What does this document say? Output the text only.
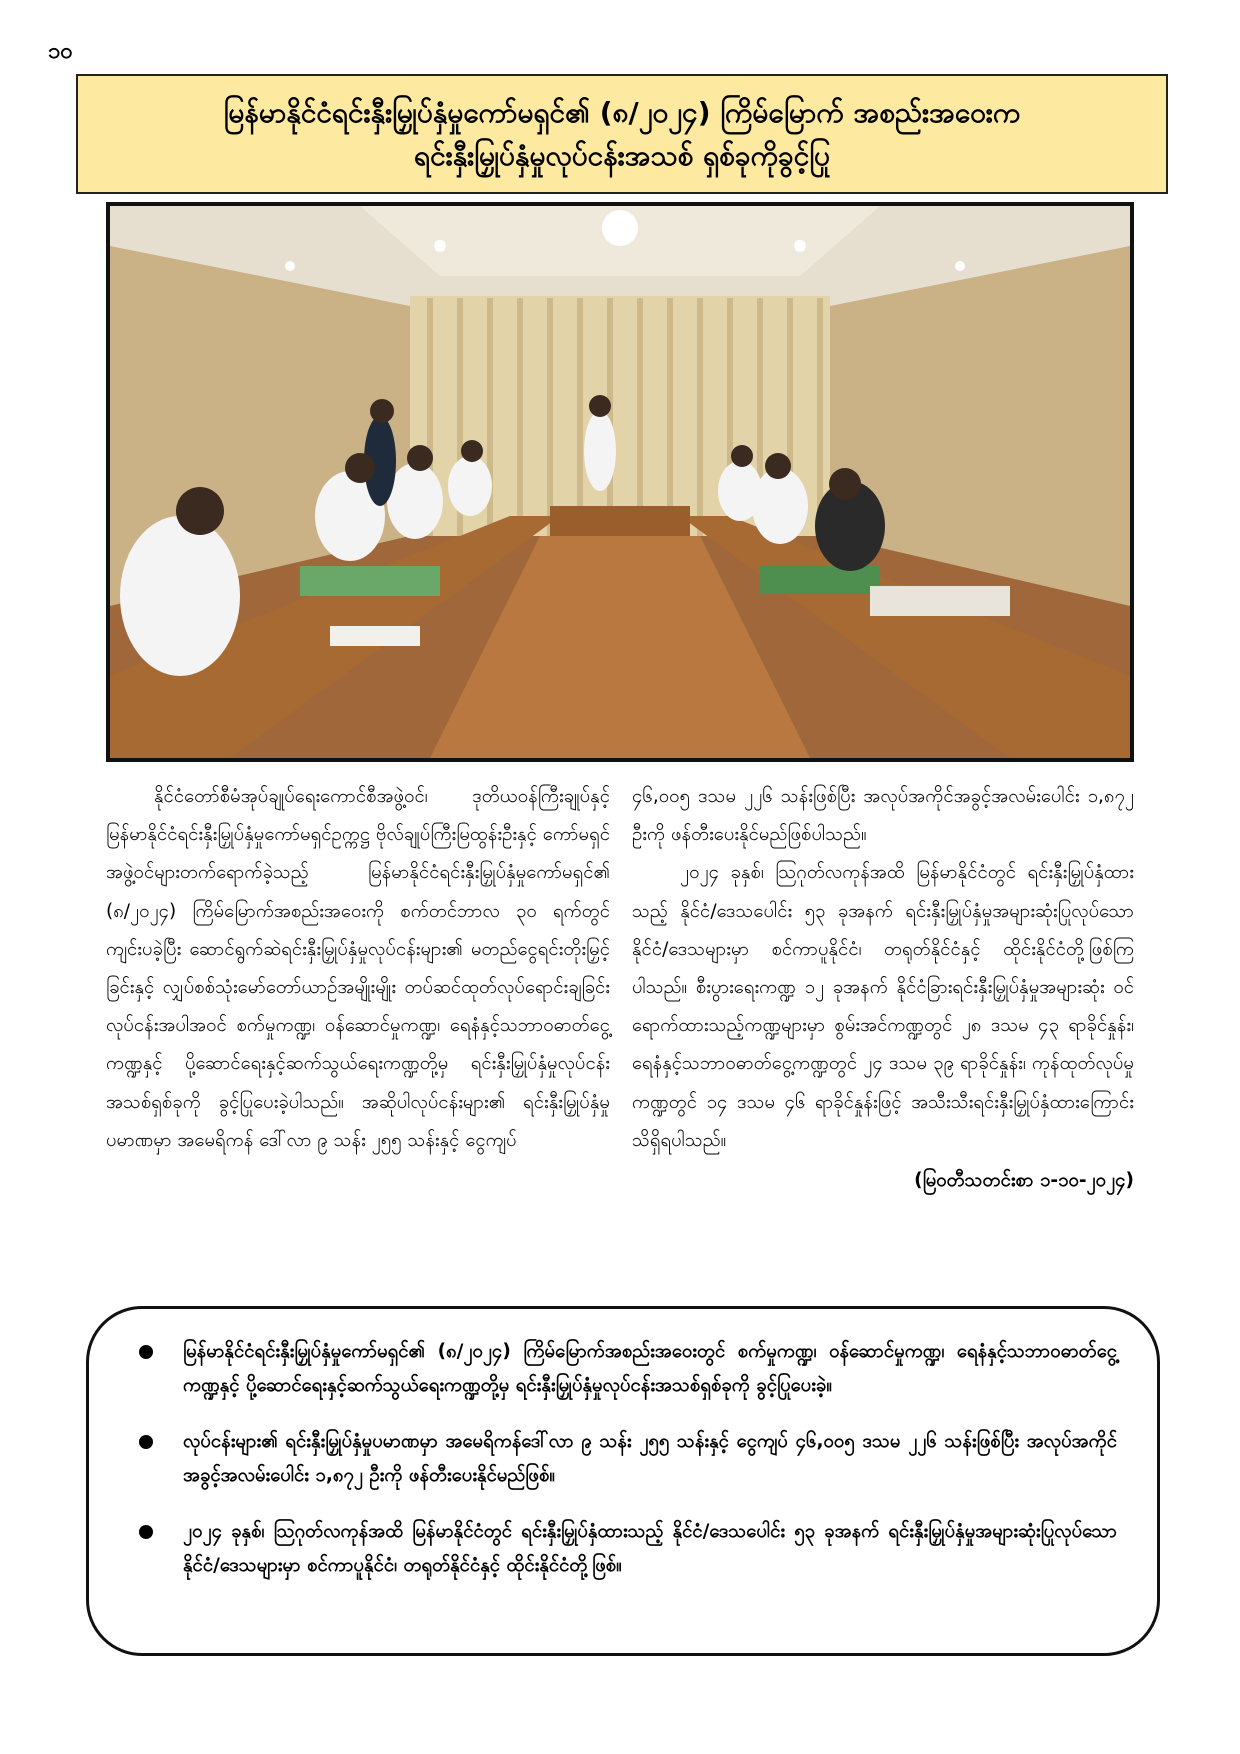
၁၀
မြန်မာနိုင်ငံရင်းနှီးမြှုပ်နှံမှုကော်မရှင်၏ (၈/၂၀၂၄) ကြိမ်မြောက် အစည်းအဝေးက
ရင်းနှီးမြှုပ်နှံမှုလုပ်ငန်းအသစ် ရှစ်ခုကိုခွင့်ပြု

နိုင်ငံတော်စီမံအုပ်ချုပ်ရေးကောင်စီအဖွဲ့ဝင်၊ ဒုတိယဝန်ကြီးချုပ်နှင့် မြန်မာနိုင်ငံရင်းနှီးမြှုပ်နှံမှုကော်မရှင်ဥက္ကဋ္ဌ ဗိုလ်ချုပ်ကြီးမြထွန်းဦးနှင့် ကော်မရှင်အဖွဲ့ဝင်များတက်ရောက်ခဲ့သည့် မြန်မာနိုင်ငံရင်းနှီးမြှုပ်နှံမှုကော်မရှင်၏ (၈/၂၀၂၄) ကြိမ်မြောက်အစည်းအဝေးကို စက်တင်ဘာလ ၃၀ ရက်တွင် ကျင်းပခဲ့ပြီး ဆောင်ရွက်ဆဲရင်းနှီးမြှုပ်နှံမှုလုပ်ငန်းများ၏ မတည်ငွေရင်းတိုးမြှင့်ခြင်းနှင့် လျှပ်စစ်သုံးမော်တော်ယာဉ်အမျိုးမျိုး တပ်ဆင်ထုတ်လုပ်ရောင်းချခြင်းလုပ်ငန်းအပါအဝင် စက်မှုကဏ္ဍ၊ ဝန်ဆောင်မှုကဏ္ဍ၊ ရေနံနှင့်သဘာဝဓာတ်ငွေ့ကဏ္ဍနှင့် ပို့ဆောင်ရေးနှင့်ဆက်သွယ်ရေးကဏ္ဍတို့မှ ရင်းနှီးမြှုပ်နှံမှုလုပ်ငန်းအသစ်ရှစ်ခုကို ခွင့်ပြုပေးခဲ့ပါသည်။ အဆိုပါလုပ်ငန်းများ၏ ရင်းနှီးမြှုပ်နှံမှုပမာဏမှာ အမေရိကန် ဒေါ်လာ ၉ သန်း ၂၅၅ သန်းနှင့် ငွေကျပ်

၄၆,၀၀၅ ဒသမ ၂၂၆ သန်းဖြစ်ပြီး အလုပ်အကိုင်အခွင့်အလမ်းပေါင်း ၁,၈၇၂ ဦးကို ဖန်တီးပေးနိုင်မည်ဖြစ်ပါသည်။

၂၀၂၄ ခုနှစ်၊ ဩဂုတ်လကုန်အထိ မြန်မာနိုင်ငံတွင် ရင်းနှီးမြှုပ်နှံထားသည့် နိုင်ငံ/ဒေသပေါင်း ၅၃ ခုအနက် ရင်းနှီးမြှုပ်နှံမှုအများဆုံးပြုလုပ်သော နိုင်ငံ/ဒေသများမှာ စင်ကာပူနိုင်ငံ၊ တရုတ်နိုင်ငံနှင့် ထိုင်းနိုင်ငံတို့ဖြစ်ကြပါသည်။ စီးပွားရေးကဏ္ဍ ၁၂ ခုအနက် နိုင်ငံခြားရင်းနှီးမြှုပ်နှံမှုအများဆုံး ဝင်ရောက်ထားသည့်ကဏ္ဍများမှာ စွမ်းအင်ကဏ္ဍတွင် ၂၈ ဒသမ ၄၃ ရာခိုင်နှုန်း၊ ရေနံနှင့်သဘာဝဓာတ်ငွေ့ကဏ္ဍတွင် ၂၄ ဒသမ ၃၉ ရာခိုင်နှုန်း၊ ကုန်ထုတ်လုပ်မှုကဏ္ဍတွင် ၁၄ ဒသမ ၄၆ ရာခိုင်နှုန်းဖြင့် အသီးသီးရင်းနှီးမြှုပ်နှံထားကြောင်း သိရှိရပါသည်။

(မြဝတီသတင်းစာ ၁-၁၀-၂၀၂၄)

မြန်မာနိုင်ငံရင်းနှီးမြှုပ်နှံမှုကော်မရှင်၏ (၈/၂၀၂၄) ကြိမ်မြောက်အစည်းအဝေးတွင် စက်မှုကဏ္ဍ၊ ဝန်ဆောင်မှုကဏ္ဍ၊ ရေနံနှင့်သဘာဝဓာတ်ငွေ့ကဏ္ဍနှင့် ပို့ဆောင်ရေးနှင့်ဆက်သွယ်ရေးကဏ္ဍတို့မှ ရင်းနှီးမြှုပ်နှံမှုလုပ်ငန်းအသစ်ရှစ်ခုကို ခွင့်ပြုပေးခဲ့။
လုပ်ငန်းများ၏ ရင်းနှီးမြှုပ်နှံမှုပမာဏမှာ အမေရိကန်ဒေါ်လာ ၉ သန်း ၂၅၅ သန်းနှင့် ငွေကျပ် ၄၆,၀၀၅ ဒသမ ၂၂၆ သန်းဖြစ်ပြီး အလုပ်အကိုင်အခွင့်အလမ်းပေါင်း ၁,၈၇၂ ဦးကို ဖန်တီးပေးနိုင်မည်ဖြစ်။
၂၀၂၄ ခုနှစ်၊ ဩဂုတ်လကုန်အထိ မြန်မာနိုင်ငံတွင် ရင်းနှီးမြှုပ်နှံထားသည့် နိုင်ငံ/ဒေသပေါင်း ၅၃ ခုအနက် ရင်းနှီးမြှုပ်နှံမှုအများဆုံးပြုလုပ်သော နိုင်ငံ/ဒေသများမှာ စင်ကာပူနိုင်ငံ၊ တရုတ်နိုင်ငံနှင့် ထိုင်းနိုင်ငံတို့ဖြစ်။
